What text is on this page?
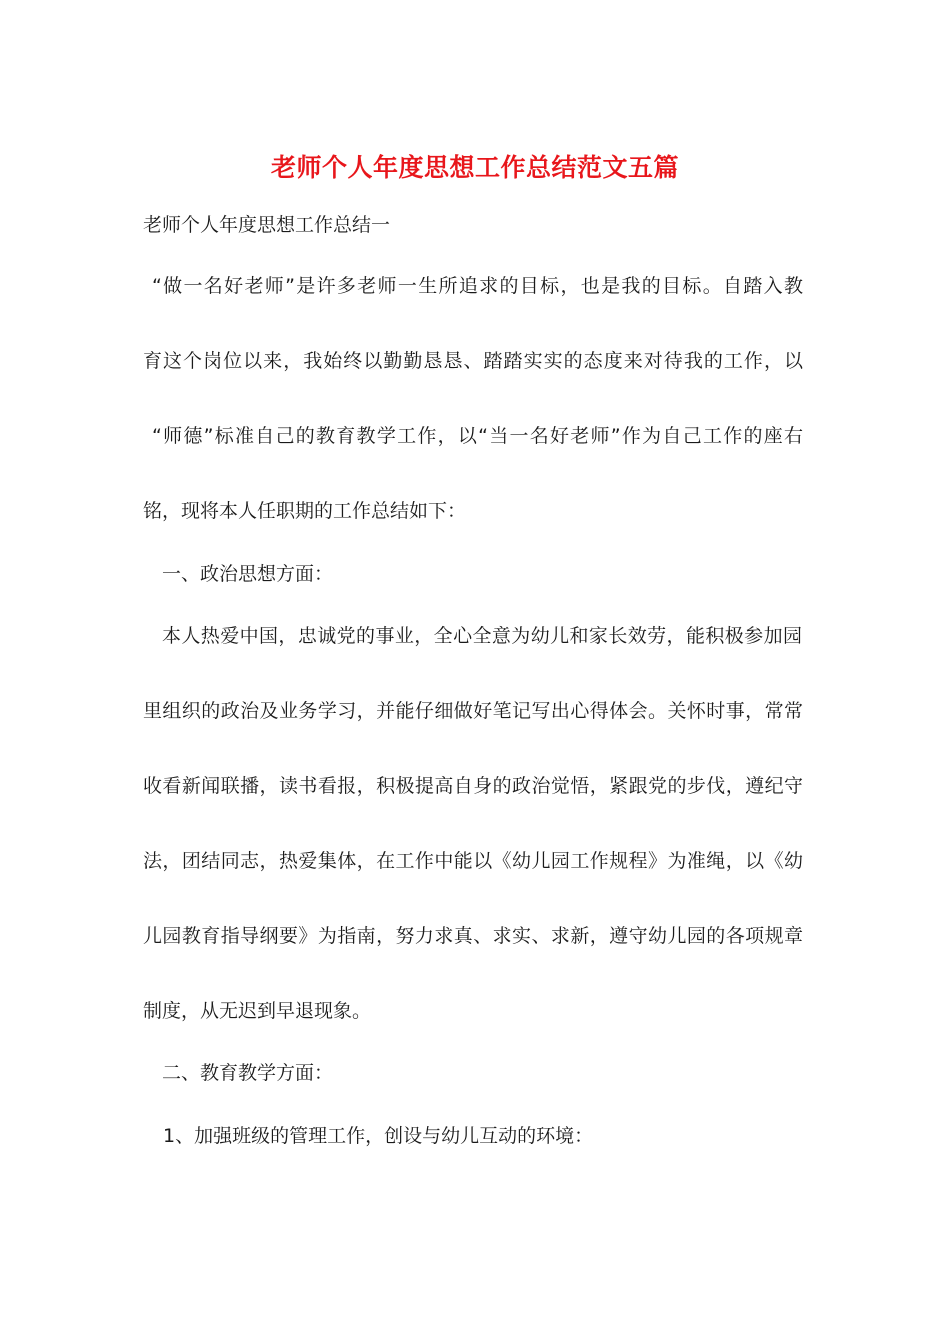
老师个人年度思想工作总结范文五篇
老师个人年度思想工作总结一
“做一名好老师”是许多老师一生所追求的目标，也是我的目标。自踏入教
育这个岗位以来，我始终以勤勤恳恳、踏踏实实的态度来对待我的工作，以
“师德”标准自己的教育教学工作，以“当一名好老师”作为自己工作的座右
铭，现将本人任职期的工作总结如下：
一、政治思想方面：
本人热爱中国，忠诚党的事业，全心全意为幼儿和家长效劳，能积极参加园
里组织的政治及业务学习，并能仔细做好笔记写出心得体会。关怀时事，常常
收看新闻联播，读书看报，积极提高自身的政治觉悟，紧跟党的步伐，遵纪守
法，团结同志，热爱集体，在工作中能以《幼儿园工作规程》为准绳，以《幼
儿园教育指导纲要》为指南，努力求真、求实、求新，遵守幼儿园的各项规章
制度，从无迟到早退现象。
二、教育教学方面：
1、加强班级的管理工作，创设与幼儿互动的环境：
